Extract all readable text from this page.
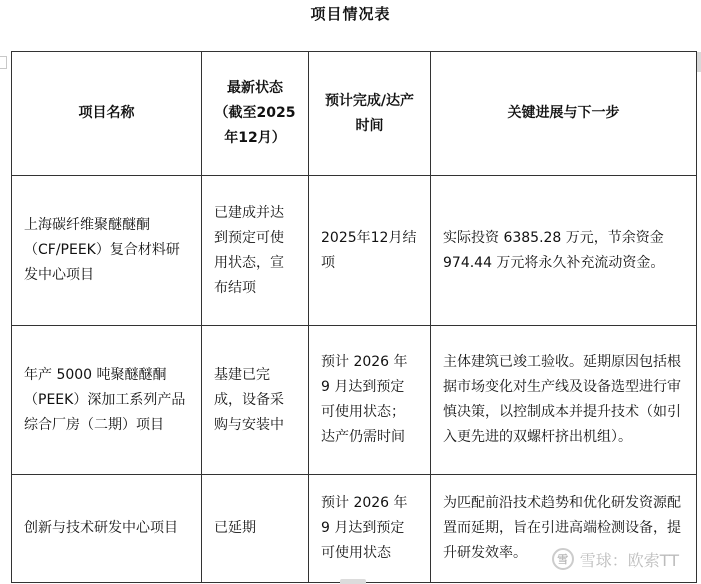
项目情况表
项目名称	最新状态（截至2025年12月）	预计完成/达产时间	关键进展与下一步
上海碳纤维聚醚醚酮（CF/PEEK）复合材料研发中心项目	已建成并达到预定可使用状态，宣布结项	2025年12月结项	实际投资 6385.28 万元，节余资金 974.44 万元将永久补充流动资金。
年产 5000 吨聚醚醚酮（PEEK）深加工系列产品综合厂房（二期）项目	基建已完成，设备采购与安装中	预计 2026 年 9 月达到预定可使用状态；达产仍需时间	主体建筑已竣工验收。延期原因包括根据市场变化对生产线及设备选型进行审慎决策，以控制成本并提升技术（如引入更先进的双螺杆挤出机组）。
创新与技术研发中心项目	已延期	预计 2026 年 9 月达到预定可使用状态	为匹配前沿技术趋势和优化研发资源配置而延期，旨在引进高端检测设备，提升研发效率。	雪 雪球：欧索TT
